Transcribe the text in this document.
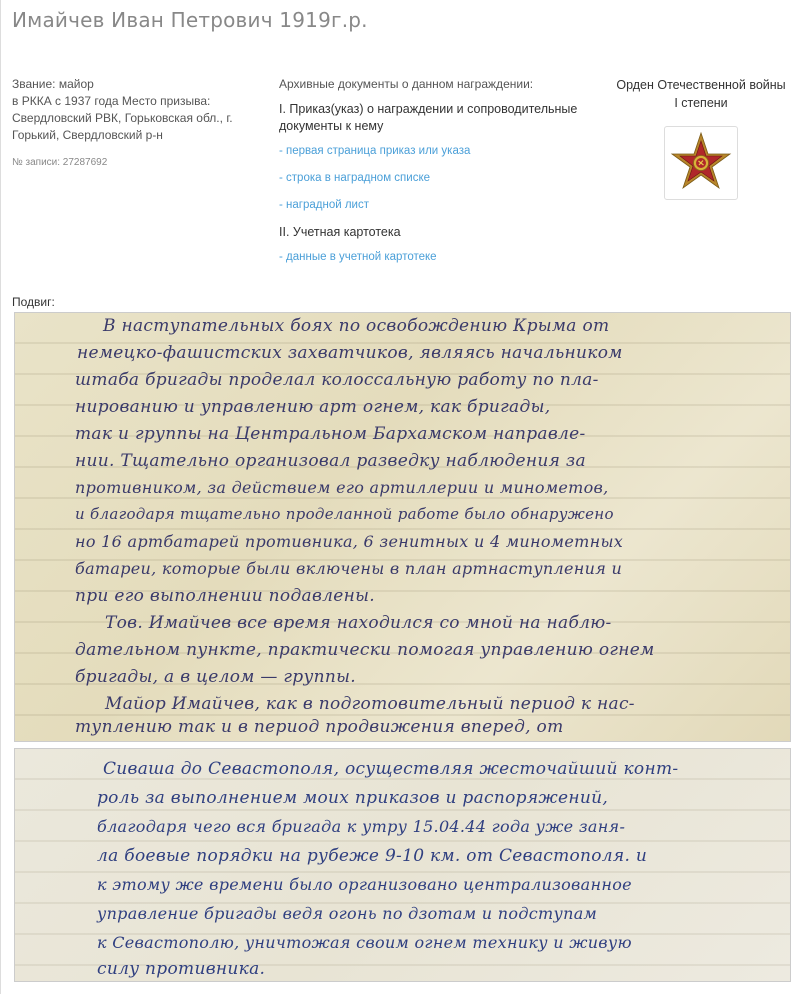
Имайчев Иван Петрович 1919г.р.
Звание: майор
в РККА с 1937 года Место призыва: Свердловский РВК, Горьковская обл., г. Горький, Свердловский р-н
№ записи: 27287692
Архивные документы о данном награждении:
I. Приказ(указ) о награждении и сопроводительные документы к нему
- первая страница приказ или указа
- строка в наградном списке
- наградной лист
II. Учетная картотека
- данные в учетной картотеке
Орден Отечественной войны
I степени
Подвиг:
В наступательных боях по освобождению Крыма от
немецко-фашистских захватчиков, являясь начальником
штаба бригады проделал колоссальную работу по пла-
нированию и управлению арт огнем, как бригады,
так и группы на Центральном Бархамском направле-
нии. Тщательно организовал разведку наблюдения за
противником, за действием его артиллерии и минометов,
и благодаря тщательно проделанной работе было обнаружено
но 16 артбатарей противника, 6 зенитных и 4 минометных
батареи, которые были включены в план артнаступления и
при его выполнении подавлены.
Тов. Имайчев все время находился со мной на наблю-
дательном пункте, практически помогая управлению огнем
бригады, а в целом — группы.
Майор Имайчев, как в подготовительный период к нас-
туплению так и в период продвижения вперед, от
Сиваша до Севастополя, осуществляя жесточайший конт-
роль за выполнением моих приказов и распоряжений,
благодаря чего вся бригада к утру 15.04.44 года уже заня-
ла боевые порядки на рубеже 9-10 км. от Севастополя. и
к этому же времени было организовано централизованное
управление бригады ведя огонь по дзотам и подступам
к Севастополю, уничтожая своим огнем технику и живую
силу противника.
